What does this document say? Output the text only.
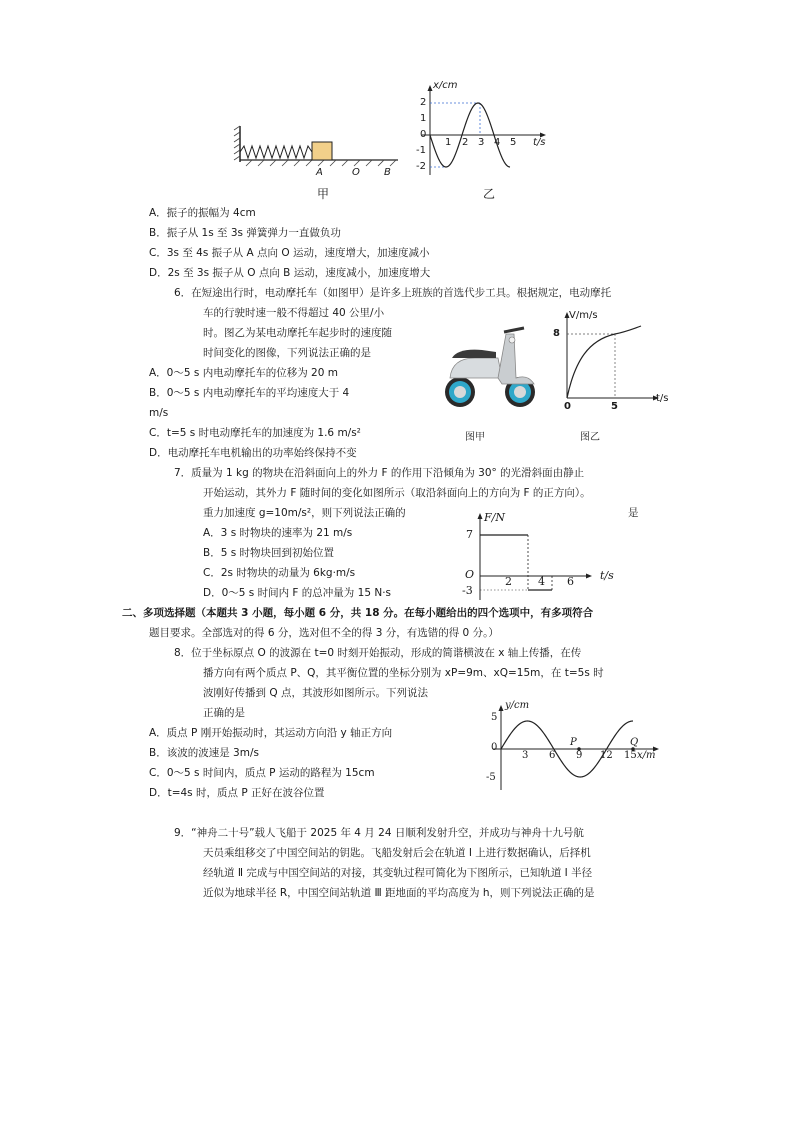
A	O B
甲
x/cm
t/s
2
1
0
-1
-2
1 2 3 4 5
乙
A．振子的振幅为 4cm
B．振子从 1s 至 3s 弹簧弹力一直做负功
C．3s 至 4s 振子从 A 点向 O 运动，速度增大，加速度减小
D．2s 至 3s 振子从 O 点向 B 运动，速度减小，加速度增大
6．在短途出行时，电动摩托车（如图甲）是许多上班族的首选代步工具。根据规定，电动摩托
车的行驶时速一般不得超过 40 公里/小
时。图乙为某电动摩托车起步时的速度随
时间变化的图像，下列说法正确的是
图甲
V/m/s
8
0	5
t/s
图乙
A．0～5 s 内电动摩托车的位移为 20 m
B．0～5 s 内电动摩托车的平均速度大于 4
m/s
C．t=5 s 时电动摩托车的加速度为 1.6 m/s²
D．电动摩托车电机输出的功率始终保持不变
7．质量为 1 kg 的物块在沿斜面向上的外力 F 的作用下沿倾角为 30° 的光滑斜面由静止
开始运动，其外力 F 随时间的变化如图所示（取沿斜面向上的方向为 F 的正方向）。
重力加速度 g=10m/s²，则下列说法正确的	是
A．3 s 时物块的速率为 21 m/s
B．5 s 时物块回到初始位置
C．2s 时物块的动量为 6kg·m/s
D．0～5 s 时间内 F 的总冲量为 15 N·s
F/N
7
O
-3
2 4 6 t/s
二、多项选择题（本题共 3 小题，每小题 6 分，共 18 分。在每小题给出的四个选项中，有多项符合
题目要求。全部选对的得 6 分，选对但不全的得 3 分，有选错的得 0 分。）
8．位于坐标原点 O 的波源在 t=0 时刻开始振动，形成的简谐横波在 x 轴上传播，在传
播方向有两个质点 P、Q，其平衡位置的坐标分别为 xP=9m、xQ=15m，在 t=5s 时
波刚好传播到 Q 点，其波形如图所示。下列说法
正确的是
A．质点 P 刚开始振动时，其运动方向沿 y 轴正方向
B．该波的波速是 3m/s
C．0～5 s 时间内，质点 P 运动的路程为 15cm
D．t=4s 时，质点 P 正好在波谷位置
y/cm
5
0
-5
3 6 9 12 15 x/m
P	Q
9．“神舟二十号”载人飞船于 2025 年 4 月 24 日顺利发射升空，并成功与神舟十九号航
天员乘组移交了中国空间站的钥匙。飞船发射后会在轨道 Ⅰ 上进行数据确认，后择机
经轨道 Ⅱ 完成与中国空间站的对接，其变轨过程可简化为下图所示，已知轨道 Ⅰ 半径
近似为地球半径 R，中国空间站轨道 Ⅲ 距地面的平均高度为 h，则下列说法正确的是
